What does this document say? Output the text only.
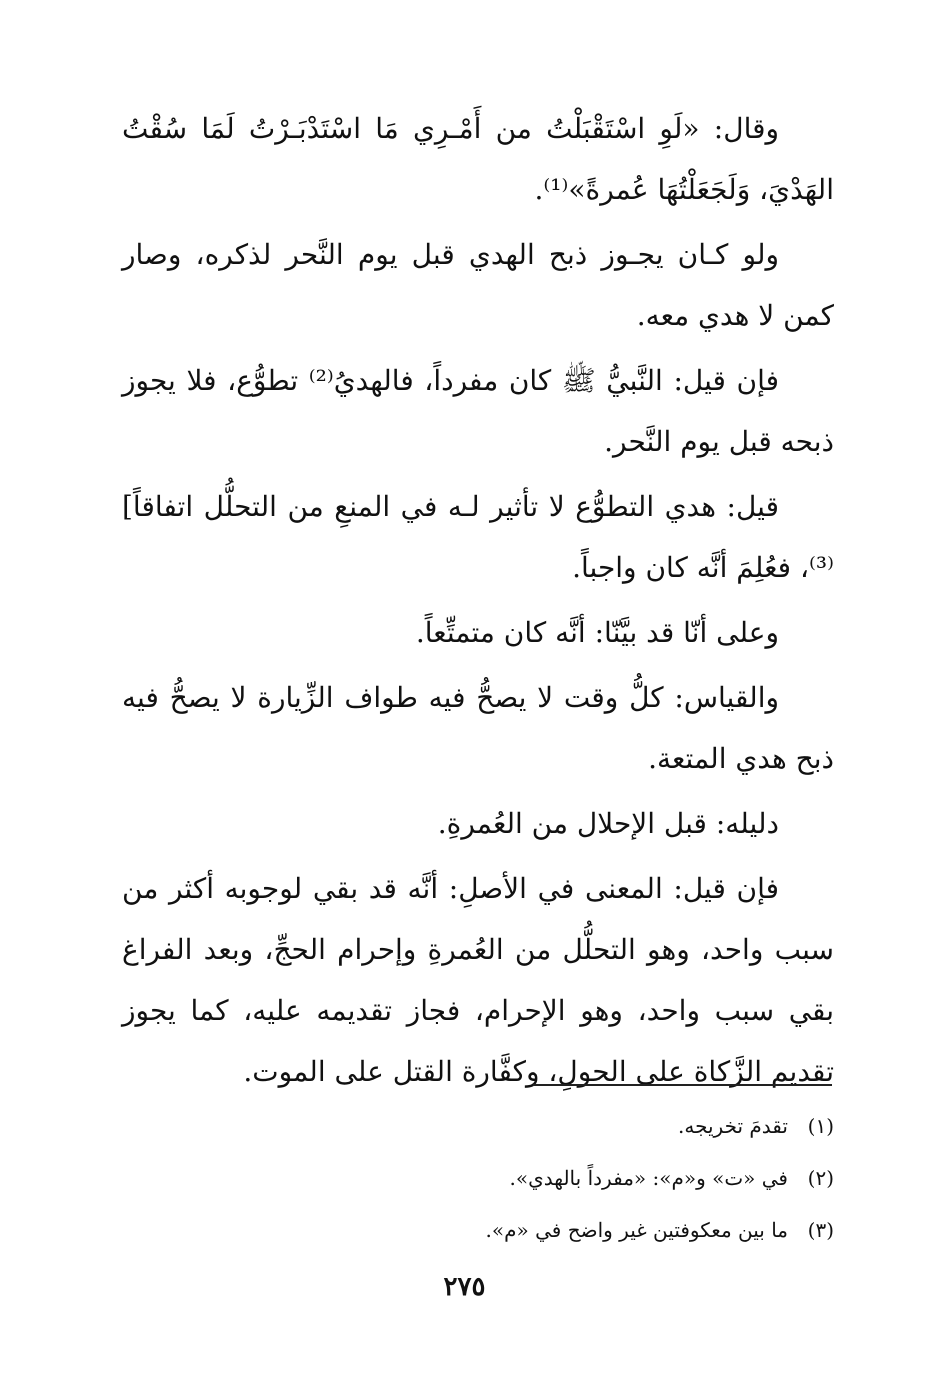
وقال: «لَوِ اسْتَقْبَلْتُ من أَمْـرِي مَا اسْتَدْبَـرْتُ لَمَا سُقْتُ الهَدْيَ، وَلَجَعَلْتُهَا عُمرةً»⁽¹⁾.

ولو كـان يجـوز ذبح الهدي قبل يوم النَّحر لذكره، وصار كمن لا هدي معه.

فإن قيل: النَّبيُّ ﷺ كان مفرداً، فالهديُ⁽²⁾ تطوُّع، فلا يجوز ذبحه قبل يوم النَّحر.

قيل: هدي التطوُّع لا تأثير لـه في المنعِ من التحلُّل اتفاقاً]⁽³⁾، فعُلِمَ أنَّه كان واجباً.

وعلى أنّا قد بيَّنّا: أنَّه كان متمتِّعاً.

والقياس: كلُّ وقت لا يصحُّ فيه طواف الزِّيارة لا يصحُّ فيه ذبح هدي المتعة.

دليله: قبل الإحلال من العُمرةِ.

فإن قيل: المعنى في الأصلِ: أنَّه قد بقي لوجوبه أكثر من سبب واحد، وهو التحلُّل من العُمرةِ وإحرام الحجِّ، وبعد الفراغ بقي سبب واحد، وهو الإحرام، فجاز تقديمه عليه، كما يجوز تقديم الزَّكاة على الحولِ، وكفَّارة القتل على الموت.

(١)
تقدمَ تخريجه.
(٢)
في «ت» و«م»: «مفرداً بالهدي».
(٣)
ما بين معكوفتين غير واضح في «م».
٢٧٥
